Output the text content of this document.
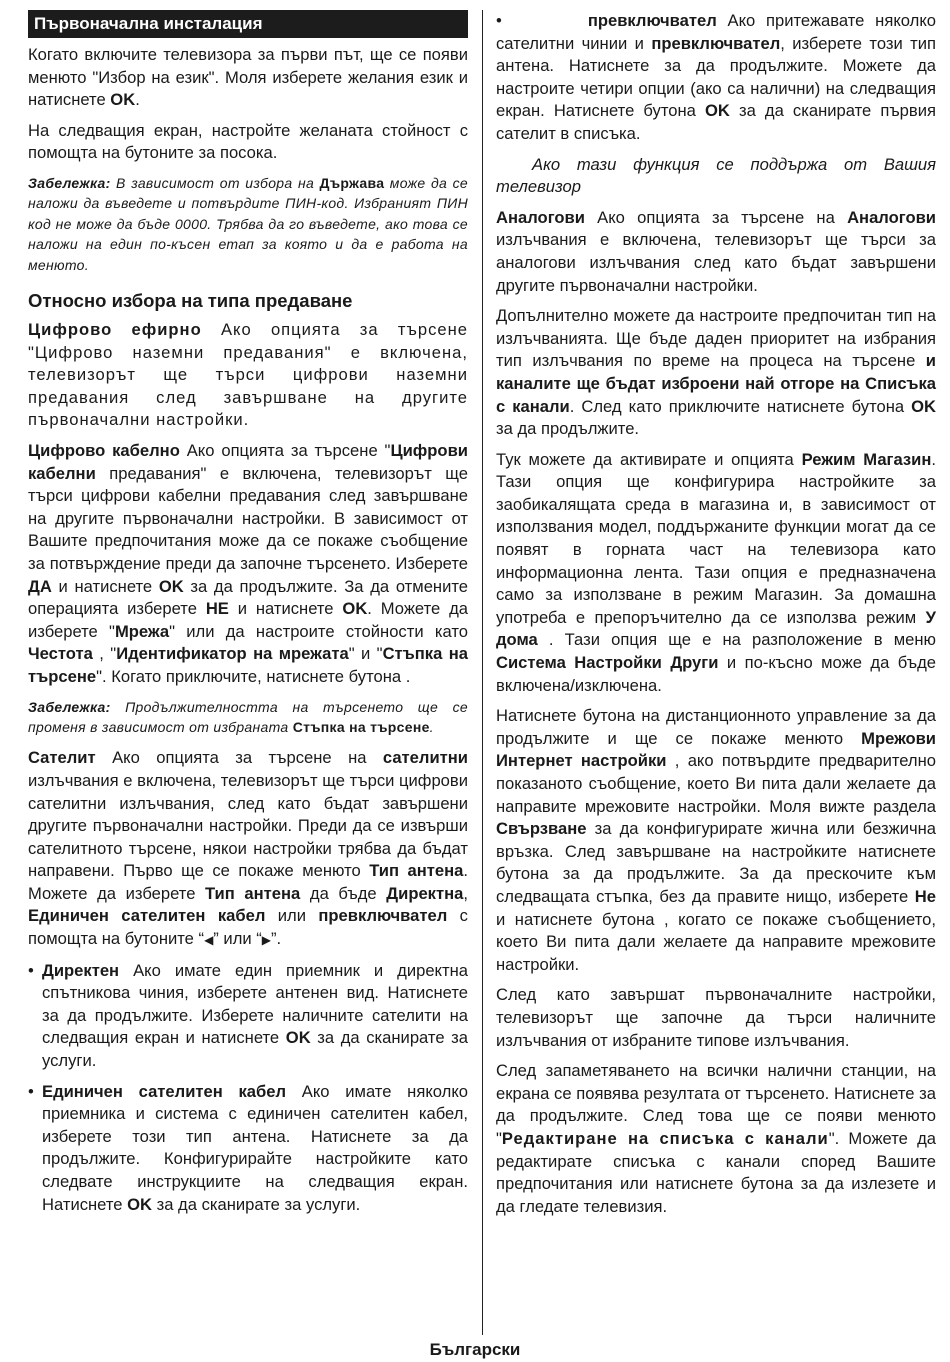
Първоначална инсталация

Когато включите телевизора за първи път, ще се появи менюто "Избор на език". Моля изберете желания език и натиснете OK.

На следващия екран, настройте желаната стойност с помощта на бутоните за посока.

Забележка: В зависимост от избора на Държава може да се наложи да въведете и потвърдите ПИН-код. Избраният ПИН код не може да бъде 0000. Трябва да го въведете, ако това се наложи на един по-късен етап за която и да е работа на менюто.

Относно избора на типа предаване

Цифрово ефирно Ако опцията за търсене "Цифрово наземни предавания" е включена, телевизорът ще търси цифрови наземни предавания след завършване на другите първоначални настройки.

Цифрово кабелно Ако опцията за търсене "Цифрови кабелни предавания" е включена, телевизорът ще търси цифрови кабелни предавания след завършване на другите първоначални настройки. В зависимост от Вашите предпочитания може да се покаже съобщение за потвърждение преди да започне търсенето. Изберете ДА и натиснете OK за да продължите. За да отмените операцията изберете НЕ и натиснете OK. Можете да изберете "Мрежа" или да настроите стойности като Честота , "Идентификатор на мрежата" и "Стъпка на търсене". Когато приключите, натиснете бутона .

Забележка: Продължителността на търсенето ще се променя в зависимост от избраната Стъпка на търсене.

Сателит Ако опцията за търсене на сателитни излъчвания е включена, телевизорът ще търси цифрови сателитни излъчвания, след като бъдат завършени другите първоначални настройки. Преди да се извърши сателитното търсене, някои настройки трябва да бъдат направени. Първо ще се покаже менюто Тип антена. Можете да изберете Тип антена да бъде Директна, Единичен сателитен кабел или превключвател с помощта на бутоните “◀” или “▶”.

• Директен Ако имате един приемник и директна спътникова чиния, изберете антенен вид. Натиснете за да продължите. Изберете наличните сателити на следващия екран и натиснете OK за да сканирате за услуги.
• Единичен сателитен кабел Ако имате няколко приемника и система с единичен сателитен кабел, изберете този тип антена. Натиснете за да продължите. Конфигурирайте настройките като следвате инструкциите на следващия екран. Натиснете OK за да сканирате за услуги.
•	превключвател Ако притежавате няколко сателитни чинии и превключвател, изберете този тип антена. Натиснете за да продължите. Можете да настроите четири опции (ако са налични) на следващия екран. Натиснете бутона OK за да сканирате първия сателит в списъка.

Ако тази функция се поддържа от Вашия телевизор

Аналогови Ако опцията за търсене на Аналогови излъчвания е включена, телевизорът ще търси за аналогови излъчвания след като бъдат завършени другите първоначални настройки.

Допълнително можете да настроите предпочитан тип на излъчванията. Ще бъде даден приоритет на избрания тип излъчвания по време на процеса на търсене и каналите ще бъдат изброени най отгоре на Списъка с канали. След като приключите натиснете бутона OK за да продължите.

Тук можете да активирате и опцията Режим Магазин. Тази опция ще конфигурира настройките за заобикалящата среда в магазина и, в зависимост от използвания модел, поддържаните функции могат да се появят в горната част на телевизора като информационна лента. Тази опция е предназначена само за използване в режим Магазин. За домашна употреба е препоръчително да се използва режим У дома . Тази опция ще е на разположение в меню Система Настройки Други и по-късно може да бъде включена/изключена.

Натиснете бутона на дистанционното управление за да продължите и ще се покаже менюто Мрежови Интернет настройки , ако потвърдите предварително показаното съобщение, което Ви пита дали желаете да направите мрежовите настройки. Моля вижте раздела Свързване за да конфигурирате жична или безжична връзка. След завършване на настройките натиснете бутона за да продължите. За да прескочите към следващата стъпка, без да правите нищо, изберете Не и натиснете бутона , когато се покаже съобщението, което Ви пита дали желаете да направите мрежовите настройки.

След като завършат първоначалните настройки, телевизорът ще започне да търси наличните излъчвания от избраните типове излъчвания.

След запаметяването на всички налични станции, на екрана се появява резултата от търсенето. Натиснете за да продължите. След това ще се появи менюто "Редактиране на списъка с канали". Можете да редактирате списъка с канали според Вашите предпочитания или натиснете бутона за да излезете и да гледате телевизия.

Български
